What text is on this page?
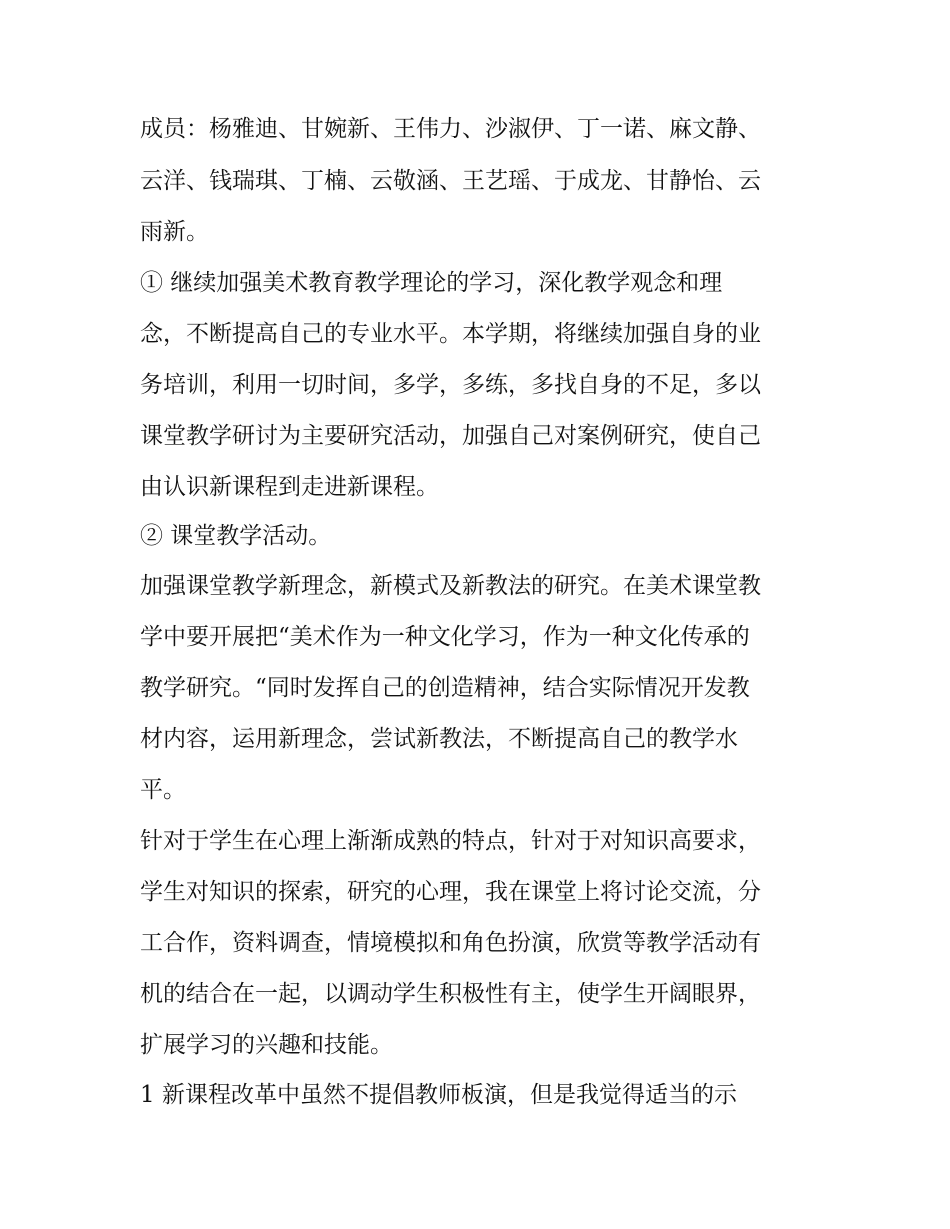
成员：杨雅迪、甘婉新、王伟力、沙淑伊、丁一诺、麻文静、
云洋、钱瑞琪、丁楠、云敬涵、王艺瑶、于成龙、甘静怡、云
雨新。
① 继续加强美术教育教学理论的学习，深化教学观念和理
念，不断提高自己的专业水平。本学期，将继续加强自身的业
务培训，利用一切时间，多学，多练，多找自身的不足，多以
课堂教学研讨为主要研究活动，加强自己对案例研究，使自己
由认识新课程到走进新课程。
② 课堂教学活动。
加强课堂教学新理念，新模式及新教法的研究。在美术课堂教
学中要开展把“美术作为一种文化学习，作为一种文化传承的
教学研究。“同时发挥自己的创造精神，结合实际情况开发教
材内容，运用新理念，尝试新教法，不断提高自己的教学水
平。
针对于学生在心理上渐渐成熟的特点，针对于对知识高要求，
学生对知识的探索，研究的心理，我在课堂上将讨论交流，分
工合作，资料调查，情境模拟和角色扮演，欣赏等教学活动有
机的结合在一起，以调动学生积极性有主，使学生开阔眼界，
扩展学习的兴趣和技能。
1 新课程改革中虽然不提倡教师板演，但是我觉得适当的示
